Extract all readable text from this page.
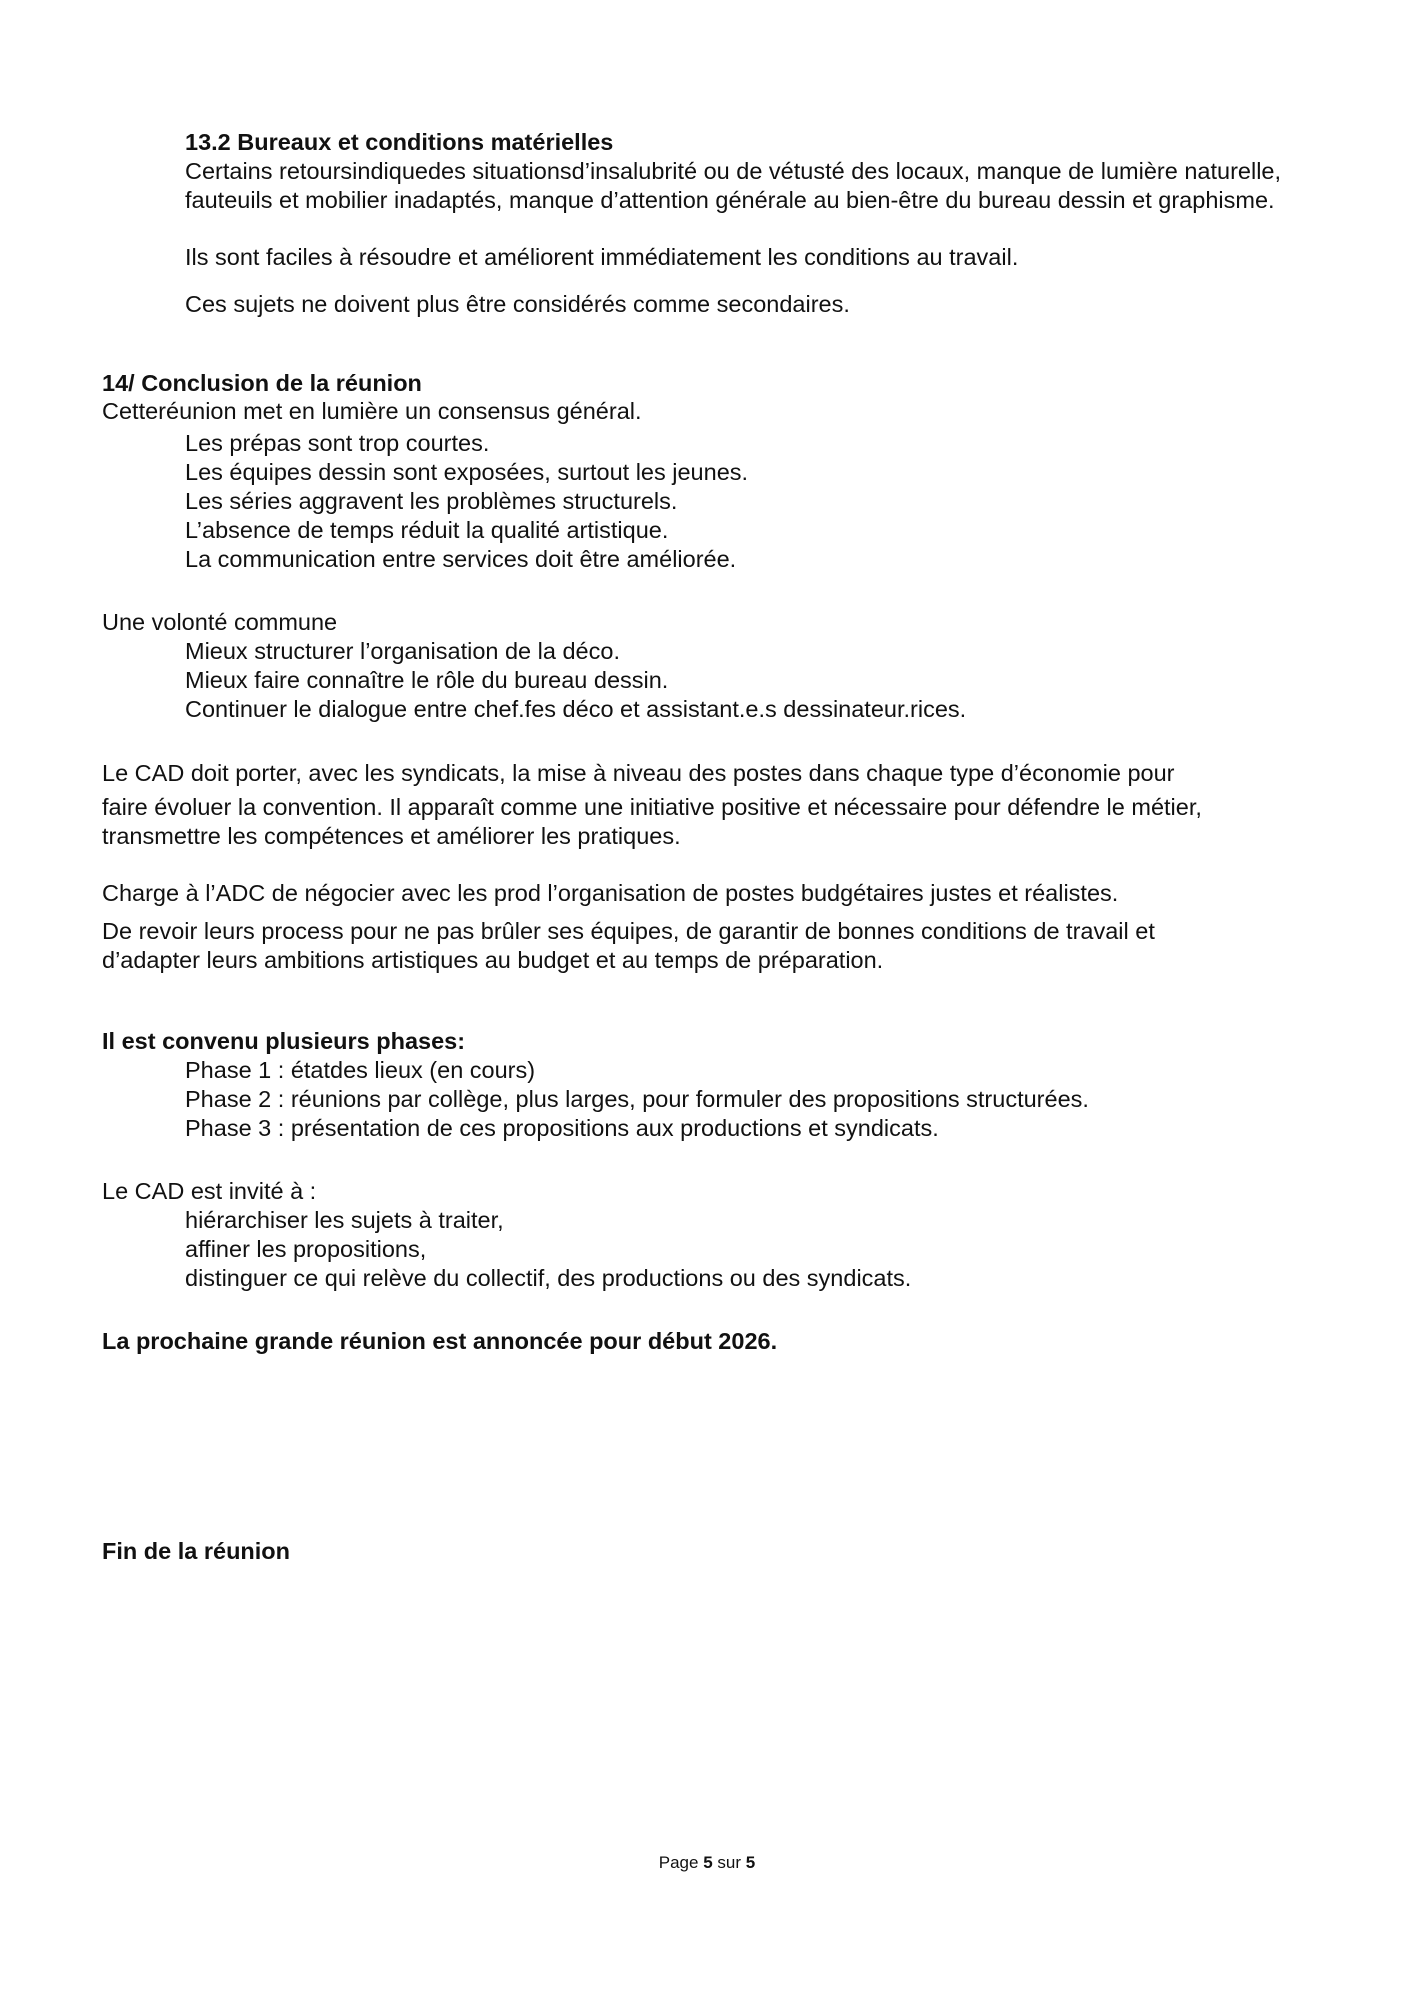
13.2 Bureaux et conditions matérielles
Certains retoursindiquedes situationsd’insalubrité ou de vétusté des locaux, manque de lumière naturelle, fauteuils et mobilier inadaptés, manque d’attention générale au bien-être du bureau dessin et graphisme.
Ils sont faciles à résoudre et améliorent immédiatement les conditions au travail.
Ces sujets ne doivent plus être considérés comme secondaires.
14/ Conclusion de la réunion
Cetteréunion met en lumière un consensus général.
Les prépas sont trop courtes.
Les équipes dessin sont exposées, surtout les jeunes.
Les séries aggravent les problèmes structurels.
L’absence de temps réduit la qualité artistique.
La communication entre services doit être améliorée.
Une volonté commune
Mieux structurer l’organisation de la déco.
Mieux faire connaître le rôle du bureau dessin.
Continuer le dialogue entre chef.fes déco et assistant.e.s dessinateur.rices.
Le CAD doit porter, avec les syndicats, la mise à niveau des postes dans chaque type d’économie pour
faire évoluer la convention. Il apparaît comme une initiative positive et nécessaire pour défendre le métier,
transmettre les compétences et améliorer les pratiques.
Charge à l’ADC de négocier avec les prod l’organisation de postes budgétaires justes et réalistes.
De revoir leurs process pour ne pas brûler ses équipes, de garantir de bonnes conditions de travail et
d’adapter leurs ambitions artistiques au budget et au temps de préparation.
Il est convenu plusieurs phases:
Phase 1 : étatdes lieux (en cours)
Phase 2 : réunions par collège, plus larges, pour formuler des propositions structurées.
Phase 3 : présentation de ces propositions aux productions et syndicats.
Le CAD est invité à :
hiérarchiser les sujets à traiter,
affiner les propositions,
distinguer ce qui relève du collectif, des productions ou des syndicats.
La prochaine grande réunion est annoncée pour début 2026.
Fin de la réunion
Page 5 sur 5
